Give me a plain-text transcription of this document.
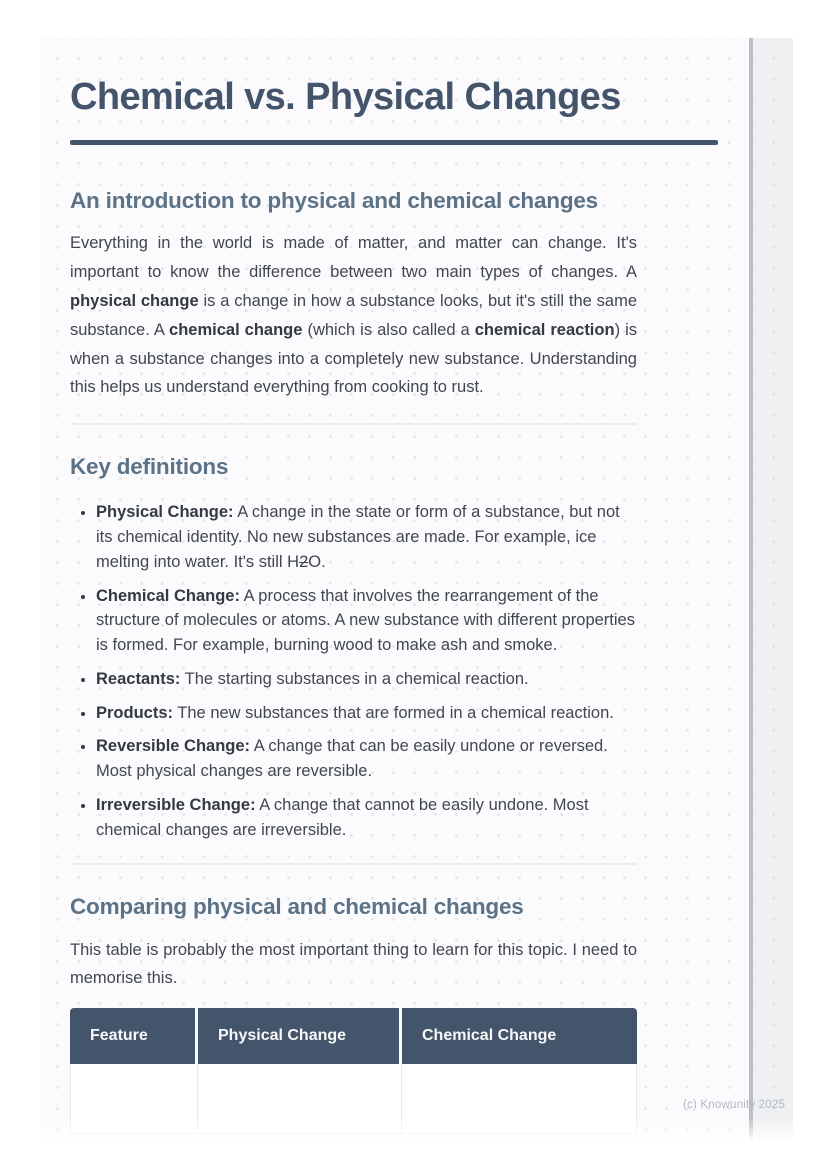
Chemical vs. Physical Changes
An introduction to physical and chemical changes

Everything in the world is made of matter, and matter can change. It's important to know the difference between two main types of changes. A physical change is a change in how a substance looks, but it's still the same substance. A chemical change (which is also called a chemical reaction) is when a substance changes into a completely new substance. Understanding this helps us understand everything from cooking to rust.

Key definitions
• Physical Change: A change in the state or form of a substance, but not its chemical identity. No new substances are made. For example, ice melting into water. It's still H2O.
• Chemical Change: A process that involves the rearrangement of the structure of molecules or atoms. A new substance with different properties is formed. For example, burning wood to make ash and smoke.
• Reactants: The starting substances in a chemical reaction.
• Products: The new substances that are formed in a chemical reaction.
• Reversible Change: A change that can be easily undone or reversed. Most physical changes are reversible.
• Irreversible Change: A change that cannot be easily undone. Most chemical changes are irreversible.
Comparing physical and chemical changes

This table is probably the most important thing to learn for this topic. I need to memorise this.

Feature	Physical Change	Chemical Change

(c) Knowunity 2025
